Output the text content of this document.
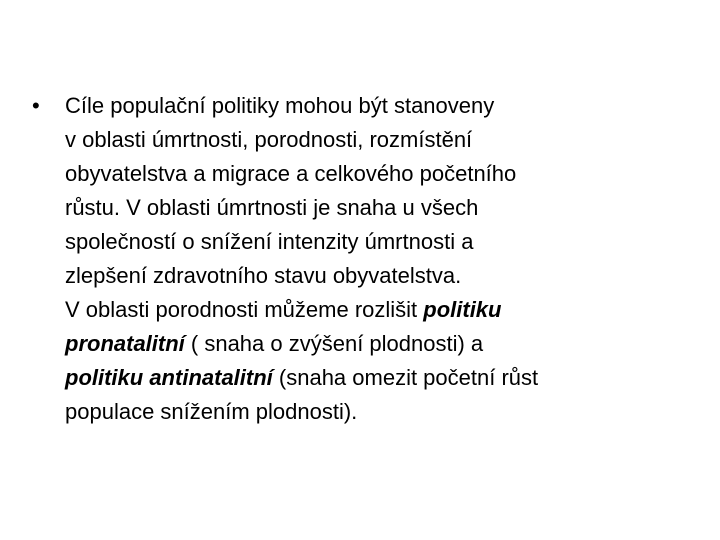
• Cíle populační politiky mohou být stanoveny
v oblasti úmrtnosti, porodnosti, rozmístění
obyvatelstva a migrace a celkového početního
růstu. V oblasti úmrtnosti je snaha u všech
společností o snížení intenzity úmrtnosti a
zlepšení zdravotního stavu obyvatelstva.
V oblasti porodnosti můžeme rozlišit politiku
pronatalitní ( snaha o zvýšení plodnosti) a
politiku antinatalitní (snaha omezit početní růst
populace snížením plodnosti).
